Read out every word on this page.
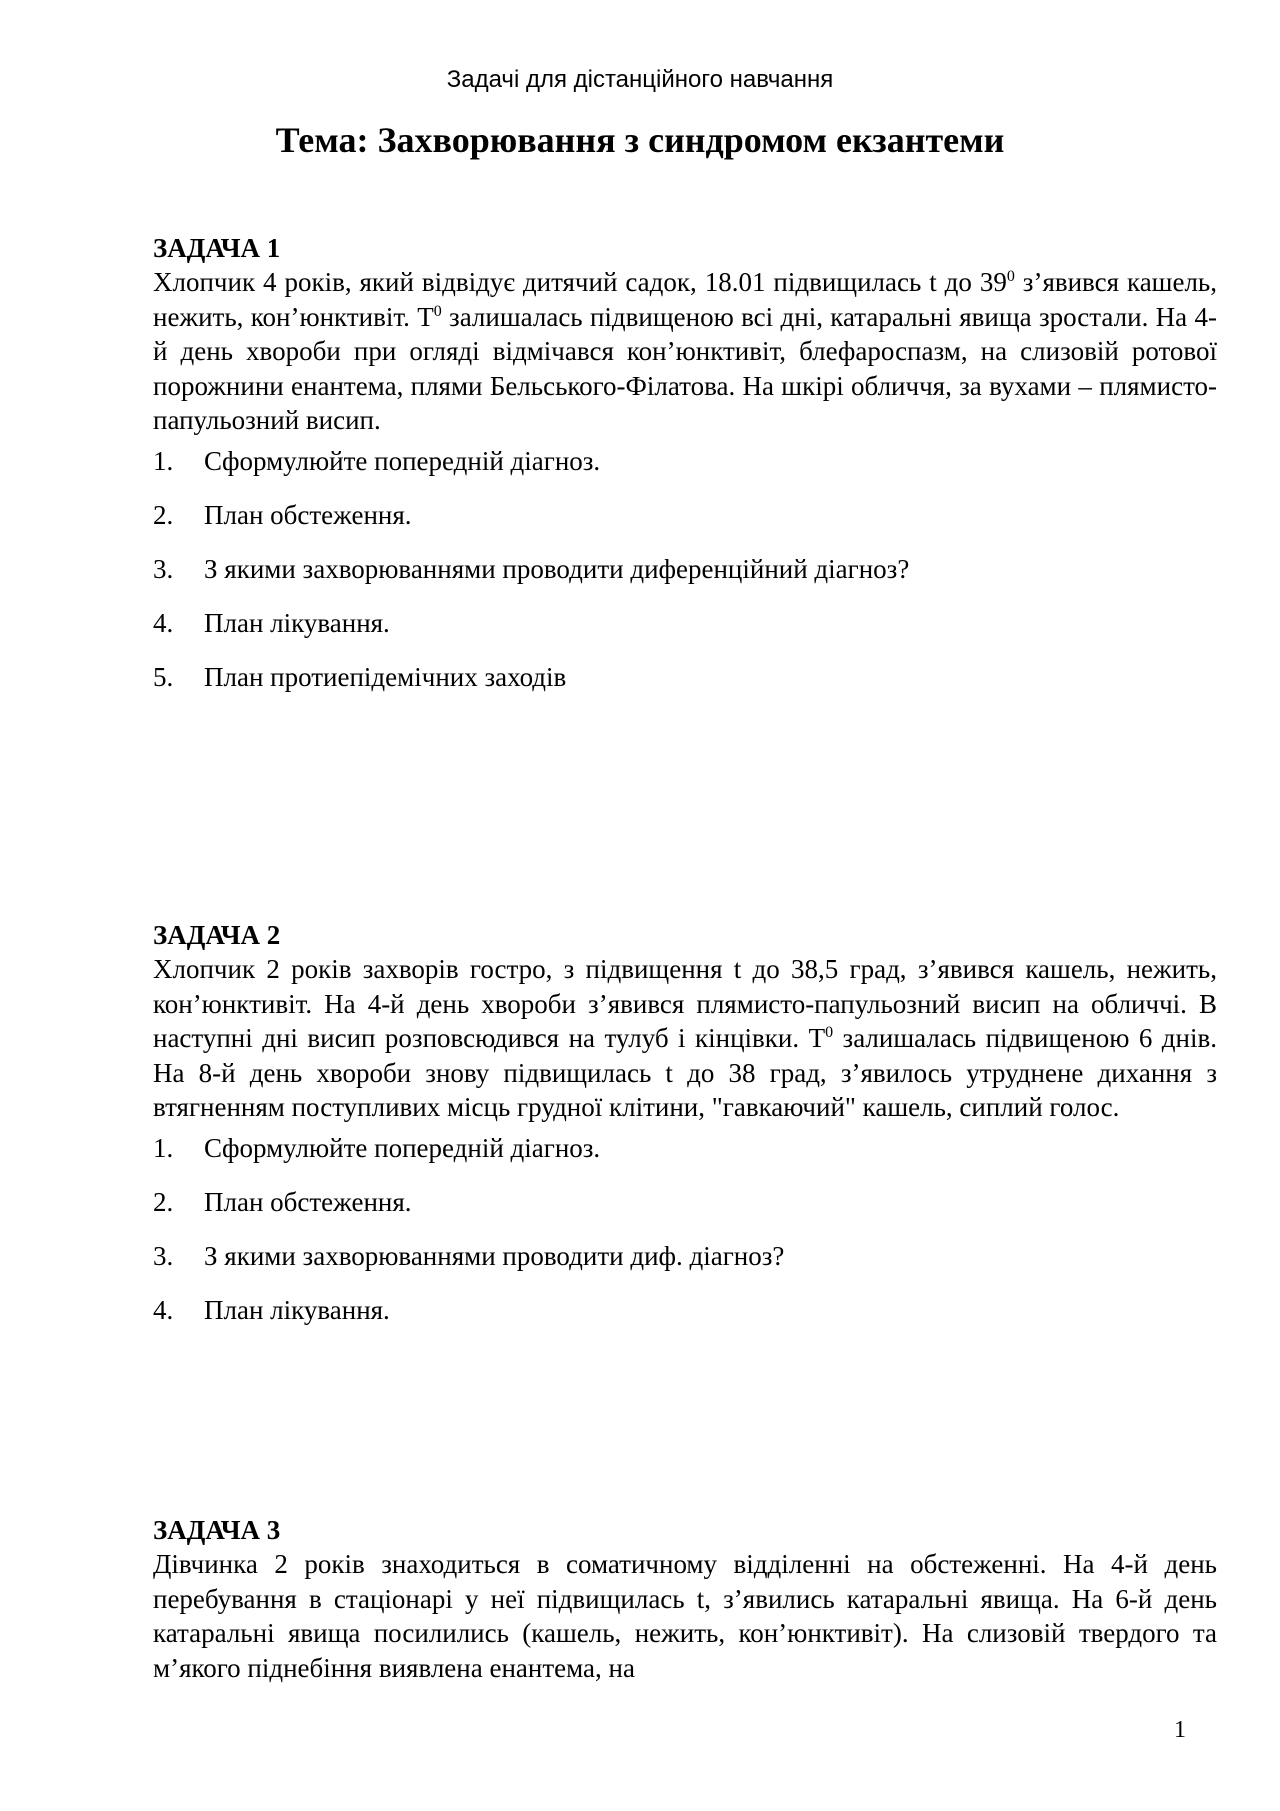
Задачі для дістанційного навчання
Тема: Захворювання з синдромом екзантеми
ЗАДАЧА 1

Хлопчик 4 років, який відвідує дитячий садок, 18.01 підвищилась t до $39^0$ з’явився кашель, нежить, кон’юнктивіт. $Т^0$ залишалась підвищеною всі дні, катаральні явища зростали. На 4-й день хвороби при огляді відмічався кон’юнктивіт, блефароспазм, на слизовій ротової порожнини енантема, плями Бельського-Філатова. На шкірі обличчя, за вухами – плямисто-папульозний висип.

1.	Сформулюйте попередній діагноз.
2.	План обстеження.
3.	З якими захворюваннями проводити диференційний діагноз?
4.	План лікування.
5.	План протиепідемічних заходів
ЗАДАЧА 2

Хлопчик 2 років захворів гостро, з підвищення t до 38,5 град, з’явився кашель, нежить, кон’юнктивіт. На 4-й день хвороби з’явився плямисто-папульозний висип на обличчі. В наступні дні висип розповсюдився на тулуб і кінцівки. $Т^0$ залишалась підвищеною 6 днів. На 8-й день хвороби знову підвищилась t до 38 град, з’явилось утруднене дихання з втягненням поступливих місць грудної клітини, "гавкаючий" кашель, сиплий голос.

1.	Сформулюйте попередній діагноз.
2.	План обстеження.
3.	З якими захворюваннями проводити диф. діагноз?
4.	План лікування.
ЗАДАЧА 3

Дівчинка 2 років знаходиться в соматичному відділенні на обстеженні. На 4-й день перебування в стаціонарі у неї підвищилась t, з’явились катаральні явища. На 6-й день катаральні явища посилились (кашель, нежить, кон’юнктивіт). На слизовій твердого та м’якого піднебіння виявлена енантема, на

1
